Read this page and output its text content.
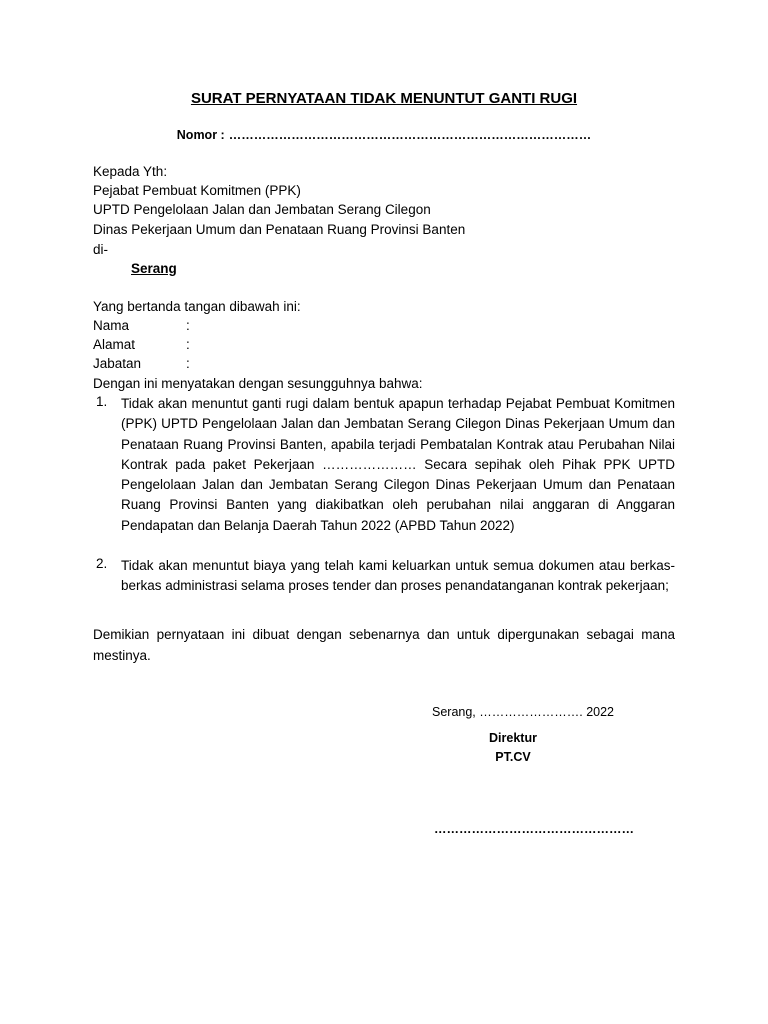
SURAT PERNYATAAN TIDAK MENUNTUT GANTI RUGI
Nomor : ……………………………………………………………………………
Kepada Yth:
Pejabat Pembuat Komitmen (PPK)
UPTD Pengelolaan Jalan dan Jembatan Serang Cilegon
Dinas Pekerjaan Umum dan Penataan Ruang Provinsi Banten
di-
Serang
Yang bertanda tangan dibawah ini:
Nama	:
Alamat	:
Jabatan	:
Dengan ini menyatakan dengan sesungguhnya bahwa:
1. Tidak akan menuntut ganti rugi dalam bentuk apapun terhadap Pejabat Pembuat Komitmen (PPK) UPTD Pengelolaan Jalan dan Jembatan Serang Cilegon Dinas Pekerjaan Umum dan Penataan Ruang Provinsi Banten, apabila terjadi Pembatalan Kontrak atau Perubahan Nilai Kontrak pada paket Pekerjaan ………………… Secara sepihak oleh Pihak PPK UPTD Pengelolaan Jalan dan Jembatan Serang Cilegon Dinas Pekerjaan Umum dan Penataan Ruang Provinsi Banten yang diakibatkan oleh perubahan nilai anggaran di Anggaran Pendapatan dan Belanja Daerah Tahun 2022 (APBD Tahun 2022)
2. Tidak akan menuntut biaya yang telah kami keluarkan untuk semua dokumen atau berkas-berkas administrasi selama proses tender dan proses penandatanganan kontrak pekerjaan;
Demikian pernyataan ini dibuat dengan sebenarnya dan untuk dipergunakan sebagai mana mestinya.
Serang, ……………………. 2022
Direktur
PT.CV
…………………………………………
